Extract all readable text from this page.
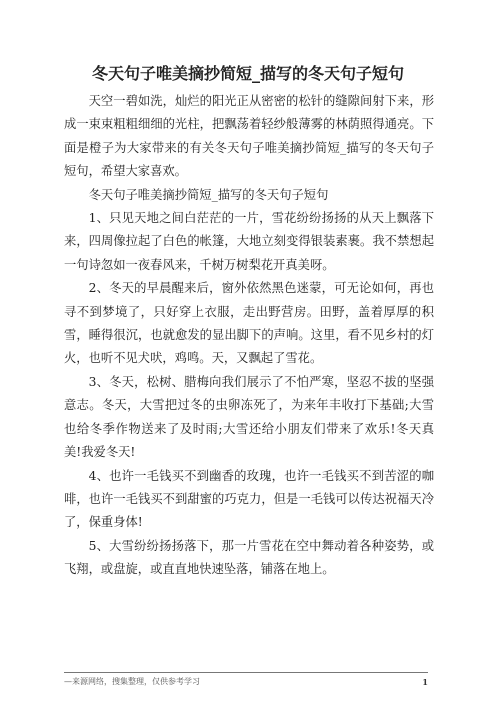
冬天句子唯美摘抄简短_描写的冬天句子短句

天空一碧如洗，灿烂的阳光正从密密的松针的缝隙间射下来，形成一束束粗粗细细的光柱，把飘荡着轻纱般薄雾的林荫照得通亮。下面是橙子为大家带来的有关冬天句子唯美摘抄简短_描写的冬天句子短句，希望大家喜欢。

冬天句子唯美摘抄简短_描写的冬天句子短句

1、只见天地之间白茫茫的一片，雪花纷纷扬扬的从天上飘落下来，四周像拉起了白色的帐篷，大地立刻变得银装素裹。我不禁想起一句诗忽如一夜春风来，千树万树梨花开真美呀。

2、冬天的早晨醒来后，窗外依然黑色迷蒙，可无论如何，再也寻不到梦境了，只好穿上衣服，走出野营房。田野，盖着厚厚的积雪，睡得很沉，也就愈发的显出脚下的声响。这里，看不见乡村的灯火，也听不见犬吠，鸡鸣。天，又飘起了雪花。

3、冬天，松树、腊梅向我们展示了不怕严寒，坚忍不拔的坚强意志。冬天，大雪把过冬的虫卵冻死了，为来年丰收打下基础;大雪也给冬季作物送来了及时雨;大雪还给小朋友们带来了欢乐!冬天真美!我爱冬天!

4、也许一毛钱买不到幽香的玫瑰，也许一毛钱买不到苦涩的咖啡，也许一毛钱买不到甜蜜的巧克力，但是一毛钱可以传达祝福天冷了，保重身体!

5、大雪纷纷扬扬落下，那一片雪花在空中舞动着各种姿势，或飞翔，或盘旋，或直直地快速坠落，铺落在地上。

—来源网络，搜集整理，仅供参考学习	1
